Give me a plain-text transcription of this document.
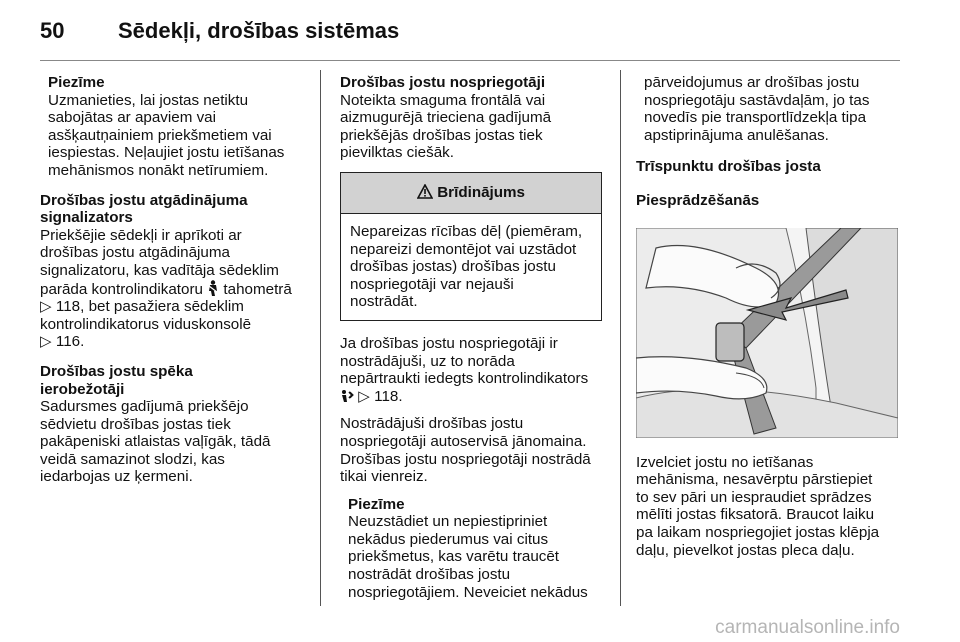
50 Sēdekļi, drošības sistēmas

Piezīme

Uzmanieties, lai jostas netiktu

sabojātas ar apaviem vai

asšķautņainiem priekšmetiem vai

iespiestas. Neļaujiet jostu ietīšanas

mehānismos nonākt netīrumiem.

Drošības jostu atgādinājuma

signalizators

Priekšējie sēdekļi ir aprīkoti ar

drošības jostu atgādinājuma

signalizatoru, kas vadītāja sēdeklim

parāda kontrolindikatoru tahometrā

▷ 118, bet pasažiera sēdeklim

kontrolindikatorus viduskonsolē

▷ 116.

Drošības jostu spēka

ierobežotāji

Sadursmes gadījumā priekšējo

sēdvietu drošības jostas tiek

pakāpeniski atlaistas vaļīgāk, tādā

veidā samazinot slodzi, kas

iedarbojas uz ķermeni.

Drošības jostu nospriegotāji

Noteikta smaguma frontālā vai

aizmugurējā trieciena gadījumā

priekšējās drošības jostas tiek

pievilktas ciešāk.

Brīdinājums

Nepareizas rīcības dēļ (piemēram,

nepareizi demontējot vai uzstādot

drošības jostas) drošības jostu

nospriegotāji var nejauši

nostrādāt.

Ja drošības jostu nospriegotāji ir

nostrādājuši, uz to norāda

nepārtraukti iedegts kontrolindikators

▷ 118.

Nostrādājuši drošības jostu

nospriegotāji autoservisā jānomaina.

Drošības jostu nospriegotāji nostrādā

tikai vienreiz.

Piezīme

Neuzstādiet un nepiestipriniet

nekādus piederumus vai citus

priekšmetus, kas varētu traucēt

nostrādāt drošības jostu

nospriegotājiem. Neveiciet nekādus

pārveidojumus ar drošības jostu

nospriegotāju sastāvdaļām, jo tas

novedīs pie transportlīdzekļa tipa

apstiprinājuma anulēšanas.

Trīspunktu drošības josta

Piesprādzēšanās

Izvelciet jostu no ietīšanas

mehānisma, nesavērptu pārstiepiet

to sev pāri un iespraudiet sprādzes

mēlīti jostas fiksatorā. Braucot laiku

pa laikam nospriegojiet jostas klēpja

daļu, pievelkot jostas pleca daļu.

carmanualsonline.info
